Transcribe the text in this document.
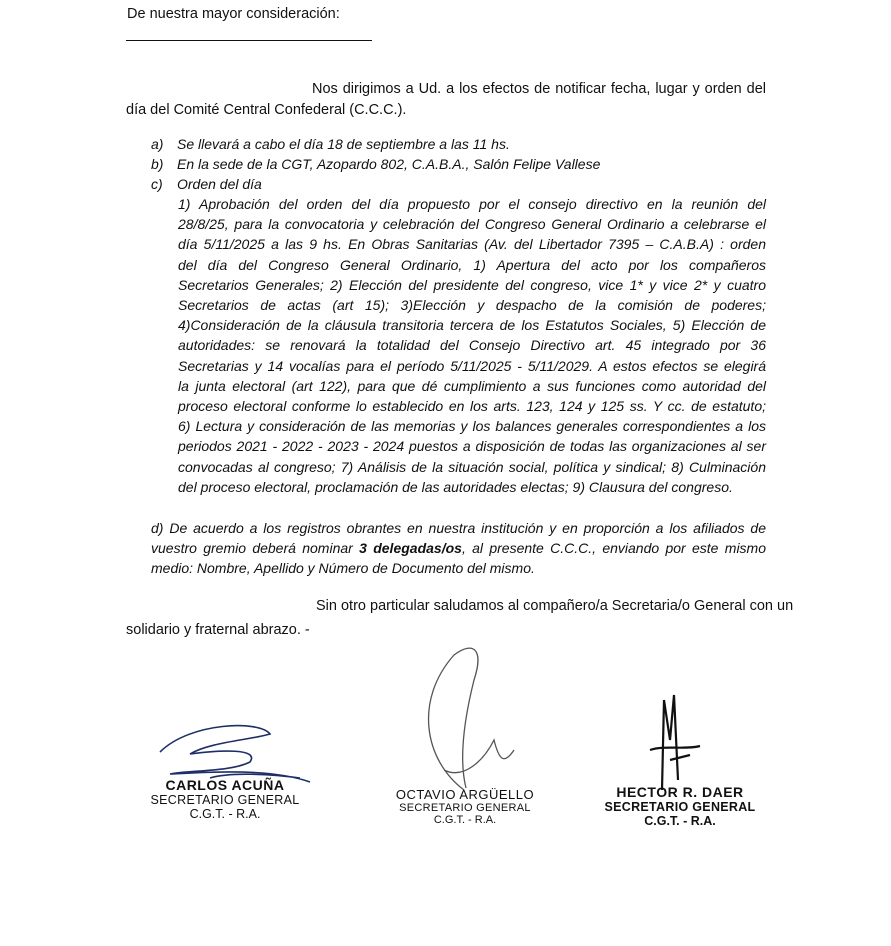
De nuestra mayor consideración:
Nos dirigimos a Ud. a los efectos de notificar fecha, lugar y orden del
día del Comité Central Confederal (C.C.C.).
a) Se llevará a cabo el día 18 de septiembre a las 11 hs.
b) En la sede de la CGT, Azopardo 802, C.A.B.A., Salón Felipe Vallese
c)	Orden del día
1) Aprobación del orden del día propuesto por el consejo directivo en la reunión del
28/8/25, para la convocatoria y celebración del Congreso General Ordinario a celebrarse el
día 5/11/2025 a las 9 hs. En Obras Sanitarias (Av. del Libertador 7395 – C.A.B.A) : orden
del día del Congreso General Ordinario, 1) Apertura del acto por los compañeros
Secretarios Generales; 2) Elección del presidente del congreso, vice 1* y vice 2* y cuatro
Secretarios de actas (art 15); 3)Elección y despacho de la comisión de poderes;
4)Consideración de la cláusula transitoria tercera de los Estatutos Sociales, 5) Elección de
autoridades: se renovará la totalidad del Consejo Directivo art. 45 integrado por 36
Secretarias y 14 vocalías para el período 5/11/2025 - 5/11/2029. A estos efectos se elegirá
la junta electoral (art 122), para que dé cumplimiento a sus funciones como autoridad del
proceso electoral conforme lo establecido en los arts. 123, 124 y 125 ss. Y cc. de estatuto;
6) Lectura y consideración de las memorias y los balances generales correspondientes a los
periodos 2021 - 2022 - 2023 - 2024 puestos a disposición de todas las organizaciones al ser
convocadas al congreso; 7) Análisis de la situación social, política y sindical; 8) Culminación
del proceso electoral, proclamación de las autoridades electas; 9) Clausura del congreso.
d) De acuerdo a los registros obrantes en nuestra institución y en proporción a los afiliados de
vuestro gremio deberá nominar 3 delegadas/os, al presente C.C.C., enviando por este mismo
medio: Nombre, Apellido y Número de Documento del mismo.
Sin otro particular saludamos al compañero/a Secretaria/o General con un
solidario y fraternal abrazo. -
CARLOS ACUÑA
SECRETARIO GENERAL
C.G.T. - R.A.
OCTAVIO ARGÜELLO
SECRETARIO GENERAL
C.G.T. - R.A.
HECTOR R. DAER
SECRETARIO GENERAL
C.G.T. - R.A.
